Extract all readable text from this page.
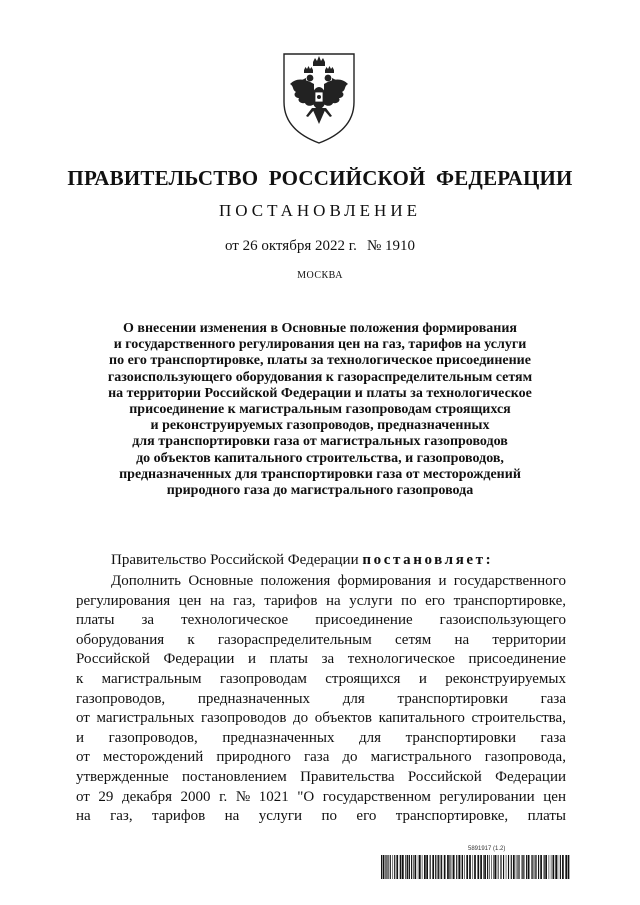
ПРАВИТЕЛЬСТВО РОССИЙСКОЙ ФЕДЕРАЦИИ
ПОСТАНОВЛЕНИЕ
от 26 октября 2022 г. № 1910
МОСКВА
О внесении изменения в Основные положения формирования
и государственного регулирования цен на газ, тарифов на услуги
по его транспортировке, платы за технологическое присоединение
газоиспользующего оборудования к газораспределительным сетям
на территории Российской Федерации и платы за технологическое
присоединение к магистральным газопроводам строящихся
и реконструируемых газопроводов, предназначенных
для транспортировки газа от магистральных газопроводов
до объектов капитального строительства, и газопроводов,
предназначенных для транспортировки газа от месторождений
природного газа до магистрального газопровода
Правительство Российской Федерации постановляет:
Дополнить Основные положения формирования и государственного
регулирования цен на газ, тарифов на услуги по его транспортировке,
платы за технологическое присоединение газоиспользующего
оборудования к газораспределительным сетям на территории
Российской Федерации и платы за технологическое присоединение
к магистральным газопроводам строящихся и реконструируемых
газопроводов, предназначенных для транспортировки газа
от магистральных газопроводов до объектов капитального строительства,
и газопроводов, предназначенных для транспортировки газа
от месторождений природного газа до магистрального газопровода,
утвержденные постановлением Правительства Российской Федерации
от 29 декабря 2000 г. № 1021 "О государственном регулировании цен
на газ, тарифов на услуги по его транспортировке, платы
5891917 (1.2)
